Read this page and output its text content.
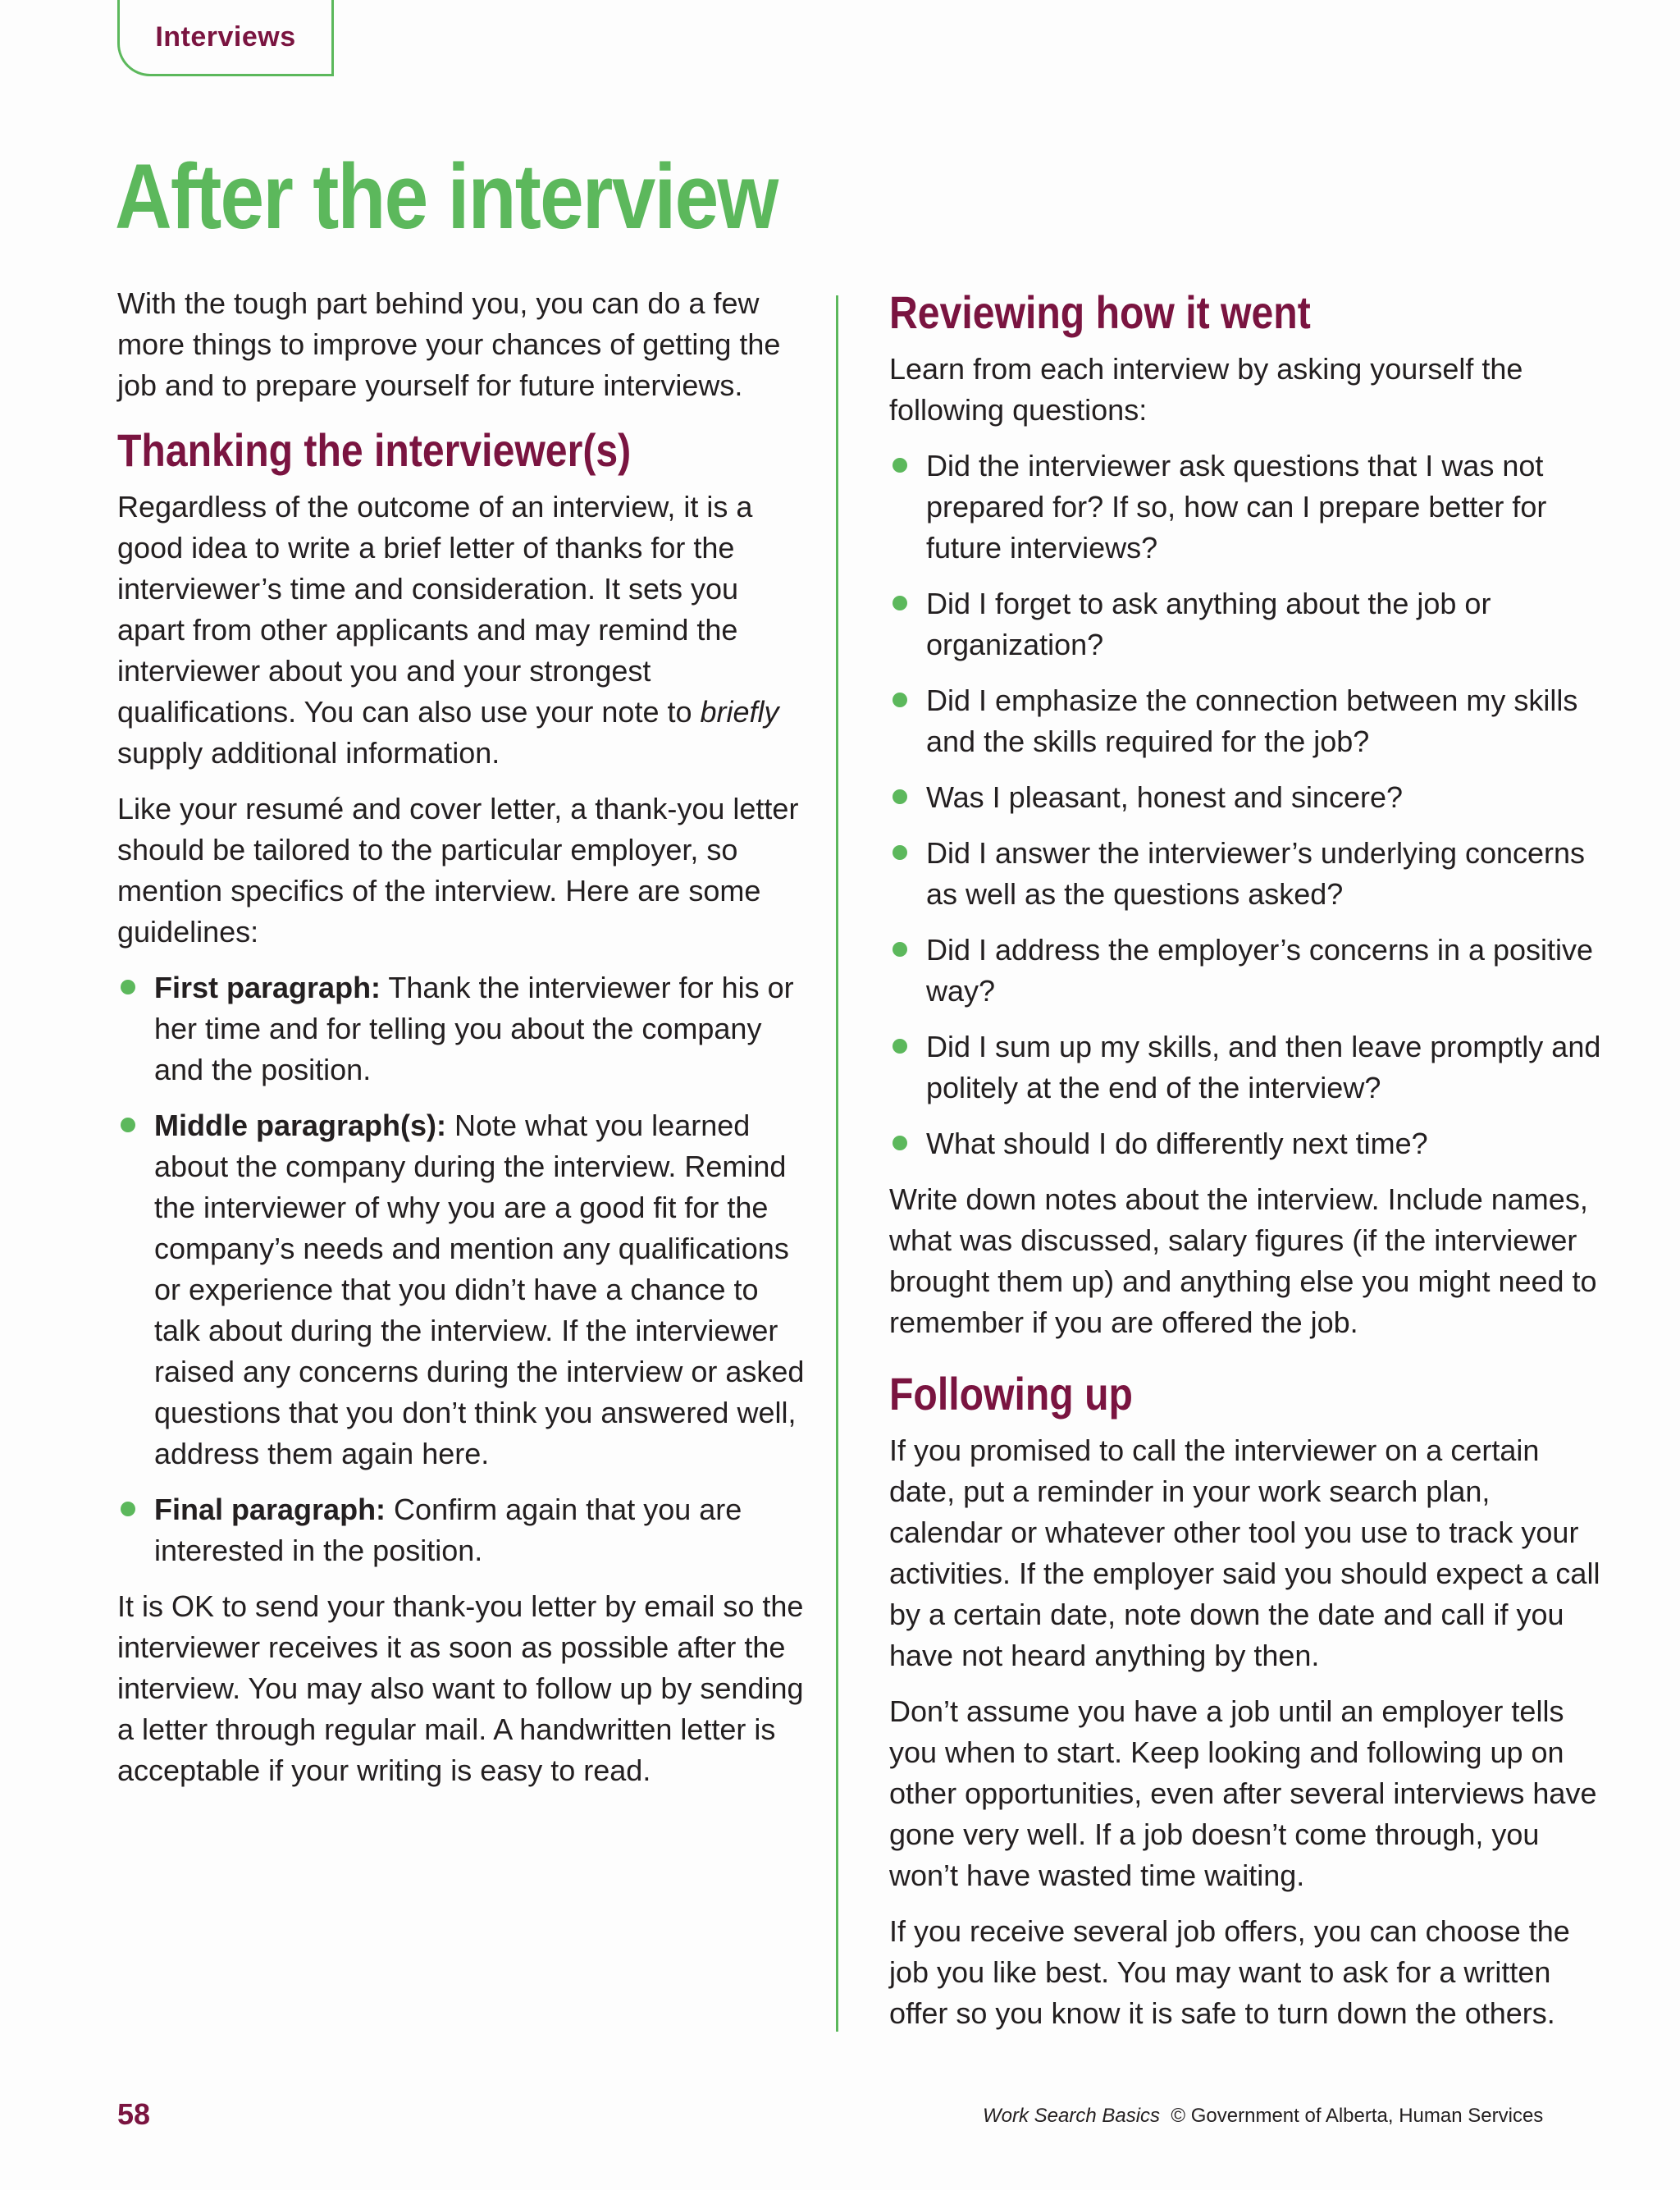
Interviews
After the interview

With the tough part behind you, you can do a few more things to improve your chances of getting the job and to prepare yourself for future interviews.

Thanking the interviewer(s)

Regardless of the outcome of an interview, it is a good idea to write a brief letter of thanks for the interviewer’s time and consideration. It sets you apart from other applicants and may remind the interviewer about you and your strongest qualifications. You can also use your note to briefly supply additional information.

Like your resumé and cover letter, a thank-you letter should be tailored to the particular employer, so mention specifics of the interview. Here are some guidelines:

First paragraph: Thank the interviewer for his or her time and for telling you about the company and the position.
Middle paragraph(s): Note what you learned about the company during the interview. Remind the interviewer of why you are a good fit for the company’s needs and mention any qualifications or experience that you didn’t have a chance to talk about during the interview. If the interviewer raised any concerns during the interview or asked questions that you don’t think you answered well, address them again here.
Final paragraph: Confirm again that you are interested in the position.

It is OK to send your thank-you letter by email so the interviewer receives it as soon as possible after the interview. You may also want to follow up by sending a letter through regular mail. A handwritten letter is acceptable if your writing is easy to read.

Reviewing how it went

Learn from each interview by asking yourself the following questions:

Did the interviewer ask questions that I was not prepared for? If so, how can I prepare better for future interviews?
Did I forget to ask anything about the job or organization?
Did I emphasize the connection between my skills and the skills required for the job?
Was I pleasant, honest and sincere?
Did I answer the interviewer’s underlying concerns as well as the questions asked?
Did I address the employer’s concerns in a positive way?
Did I sum up my skills, and then leave promptly and politely at the end of the interview?
What should I do differently next time?

Write down notes about the interview. Include names, what was discussed, salary figures (if the interviewer brought them up) and anything else you might need to remember if you are offered the job.

Following up

If you promised to call the interviewer on a certain date, put a reminder in your work search plan, calendar or whatever other tool you use to track your activities. If the employer said you should expect a call by a certain date, note down the date and call if you have not heard anything by then.

Don’t assume you have a job until an employer tells you when to start. Keep looking and following up on other opportunities, even after several interviews have gone very well. If a job doesn’t come through, you won’t have wasted time waiting.

If you receive several job offers, you can choose the job you like best. You may want to ask for a written offer so you know it is safe to turn down the others.

58	Work Search Basics © Government of Alberta, Human Services
